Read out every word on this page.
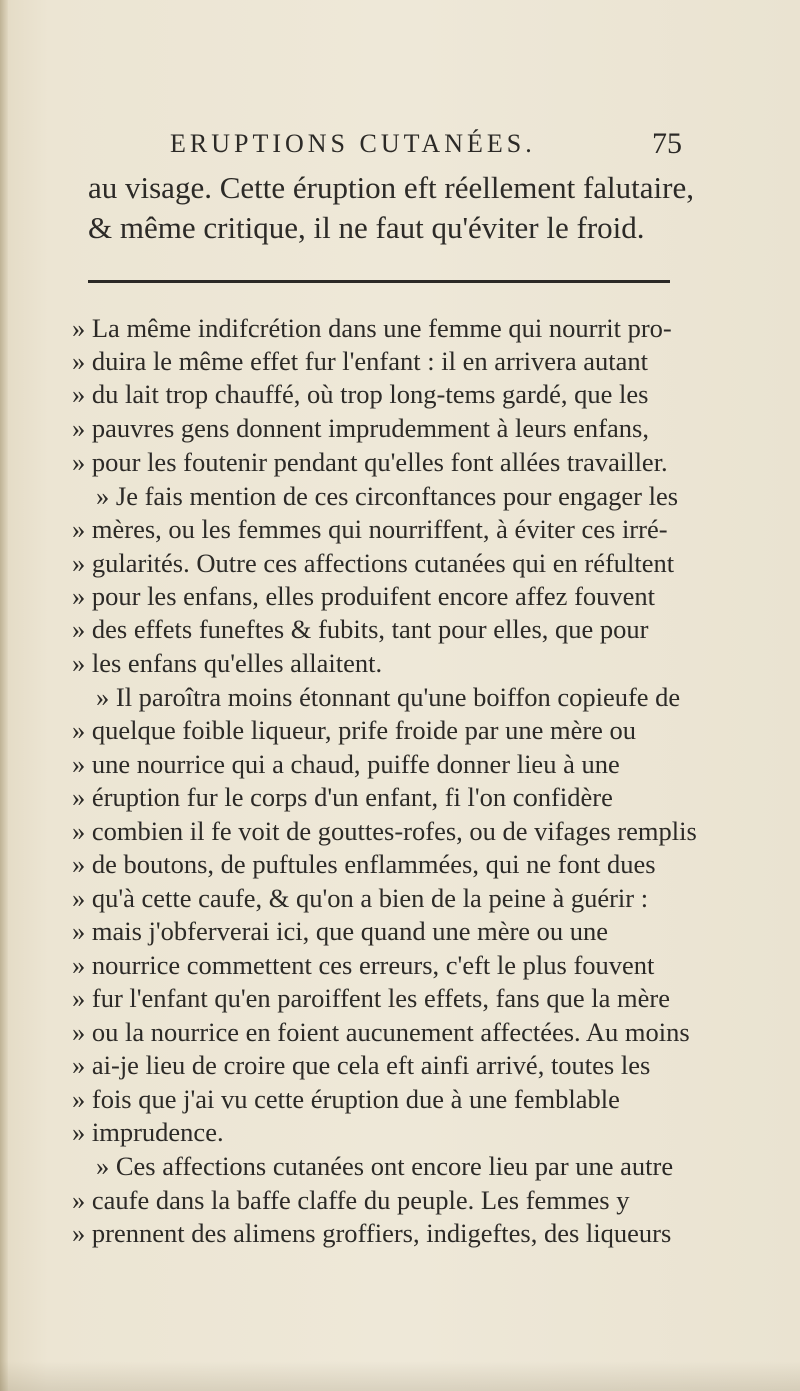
ERUPTIONS CUTANÉES.	75
au visage. Cette éruption eft réellement falutaire,
& même critique, il ne faut qu'éviter le froid.
» La même indifcrétion dans une femme qui nourrit pro-
» duira le même effet fur l'enfant : il en arrivera autant
» du lait trop chauffé, où trop long-tems gardé, que les
» pauvres gens donnent imprudemment à leurs enfans,
» pour les foutenir pendant qu'elles font allées travailler.
» Je fais mention de ces circonftances pour engager les
» mères, ou les femmes qui nourriffent, à éviter ces irré-
» gularités. Outre ces affections cutanées qui en réfultent
» pour les enfans, elles produifent encore affez fouvent
» des effets funeftes & fubits, tant pour elles, que pour
» les enfans qu'elles allaitent.
» Il paroîtra moins étonnant qu'une boiffon copieufe de
» quelque foible liqueur, prife froide par une mère ou
» une nourrice qui a chaud, puiffe donner lieu à une
» éruption fur le corps d'un enfant, fi l'on confidère
» combien il fe voit de gouttes-rofes, ou de vifages remplis
» de boutons, de puftules enflammées, qui ne font dues
» qu'à cette caufe, & qu'on a bien de la peine à guérir :
» mais j'obferverai ici, que quand une mère ou une
» nourrice commettent ces erreurs, c'eft le plus fouvent
» fur l'enfant qu'en paroiffent les effets, fans que la mère
» ou la nourrice en foient aucunement affectées. Au moins
» ai-je lieu de croire que cela eft ainfi arrivé, toutes les
» fois que j'ai vu cette éruption due à une femblable
» imprudence.
» Ces affections cutanées ont encore lieu par une autre
» caufe dans la baffe claffe du peuple. Les femmes y
» prennent des alimens groffiers, indigeftes, des liqueurs
